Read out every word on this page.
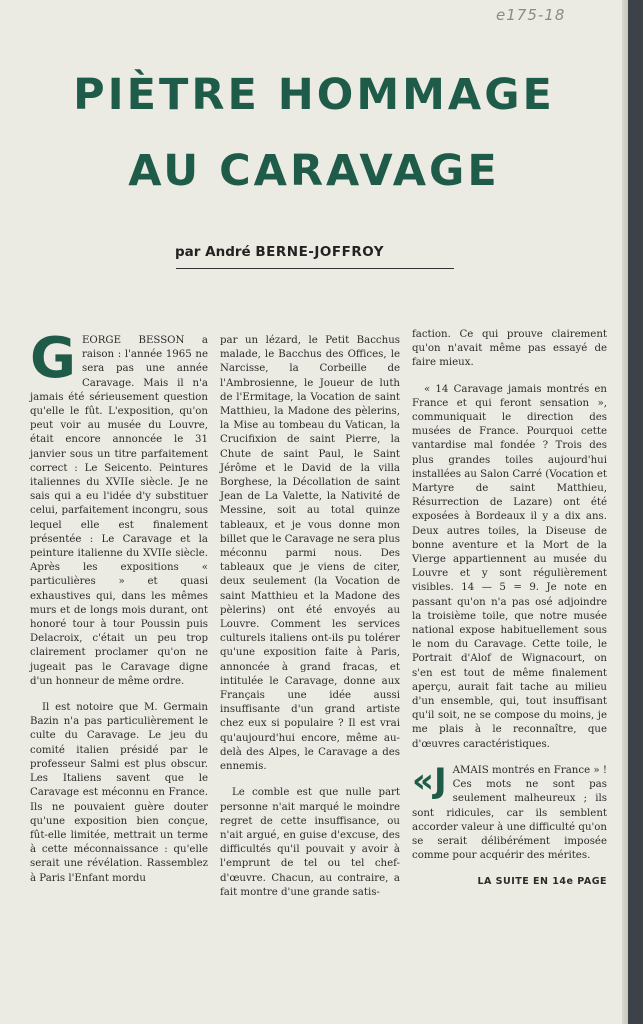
e175-18
PIÈTRE HOMMAGE
AU CARAVAGE
par André BERNE-JOFFROY

GEORGE BESSON a raison : l'année 1965 ne sera pas une année Caravage. Mais il n'a jamais été sérieusement question qu'elle le fût. L'exposition, qu'on peut voir au musée du Louvre, était encore annoncée le 31 janvier sous un titre parfaitement correct : Le Seicento. Peintures italiennes du XVIIe siècle. Je ne sais qui a eu l'idée d'y substituer celui, parfaitement incongru, sous lequel elle est finalement présentée : Le Caravage et la peinture italienne du XVIIe siècle. Après les expositions « particulières » et quasi exhaustives qui, dans les mêmes murs et de longs mois durant, ont honoré tour à tour Poussin puis Delacroix, c'était un peu trop clairement proclamer qu'on ne jugeait pas le Caravage digne d'un honneur de même ordre.

Il est notoire que M. Germain Bazin n'a pas particulièrement le culte du Caravage. Le jeu du comité italien présidé par le professeur Salmi est plus obscur. Les Italiens savent que le Caravage est méconnu en France. Ils ne pouvaient guère douter qu'une exposition bien conçue, fût-elle limitée, mettrait un terme à cette méconnaissance : qu'elle serait une révélation. Rassemblez à Paris l'Enfant mordu

par un lézard, le Petit Bacchus malade, le Bacchus des Offices, le Narcisse, la Corbeille de l'Ambrosienne, le Joueur de luth de l'Ermitage, la Vocation de saint Matthieu, la Madone des pèlerins, la Mise au tombeau du Vatican, la Crucifixion de saint Pierre, la Chute de saint Paul, le Saint Jérôme et le David de la villa Borghese, la Décollation de saint Jean de La Valette, la Nativité de Messine, soit au total quinze tableaux, et je vous donne mon billet que le Caravage ne sera plus méconnu parmi nous. Des tableaux que je viens de citer, deux seulement (la Vocation de saint Matthieu et la Madone des pèlerins) ont été envoyés au Louvre. Comment les services culturels italiens ont-ils pu tolérer qu'une exposition faite à Paris, annoncée à grand fracas, et intitulée le Caravage, donne aux Français une idée aussi insuffisante d'un grand artiste chez eux si populaire ? Il est vrai qu'aujourd'hui encore, même au-delà des Alpes, le Caravage a des ennemis.

Le comble est que nulle part personne n'ait marqué le moindre regret de cette insuffisance, ou n'ait argué, en guise d'excuse, des difficultés qu'il pouvait y avoir à l'emprunt de tel ou tel chef-d'œuvre. Chacun, au contraire, a fait montre d'une grande satis-

faction. Ce qui prouve clairement qu'on n'avait même pas essayé de faire mieux.

« 14 Caravage jamais montrés en France et qui feront sensation », communiquait le direction des musées de France. Pourquoi cette vantardise mal fondée ? Trois des plus grandes toiles aujourd'hui installées au Salon Carré (Vocation et Martyre de saint Matthieu, Résurrection de Lazare) ont été exposées à Bordeaux il y a dix ans. Deux autres toiles, la Diseuse de bonne aventure et la Mort de la Vierge appartiennent au musée du Louvre et y sont régulièrement visibles. 14 — 5 = 9. Je note en passant qu'on n'a pas osé adjoindre la troisième toile, que notre musée national expose habituellement sous le nom du Caravage. Cette toile, le Portrait d'Alof de Wignacourt, on s'en est tout de même finalement aperçu, aurait fait tache au milieu d'un ensemble, qui, tout insuffisant qu'il soit, ne se compose du moins, je me plais à le reconnaître, que d'œuvres caractéristiques.

«JAMAIS montrés en France » ! Ces mots ne sont pas seulement malheureux ; ils sont ridicules, car ils semblent accorder valeur à une difficulté qu'on se serait délibérément imposée comme pour acquérir des mérites.

LA SUITE EN 14e PAGE
